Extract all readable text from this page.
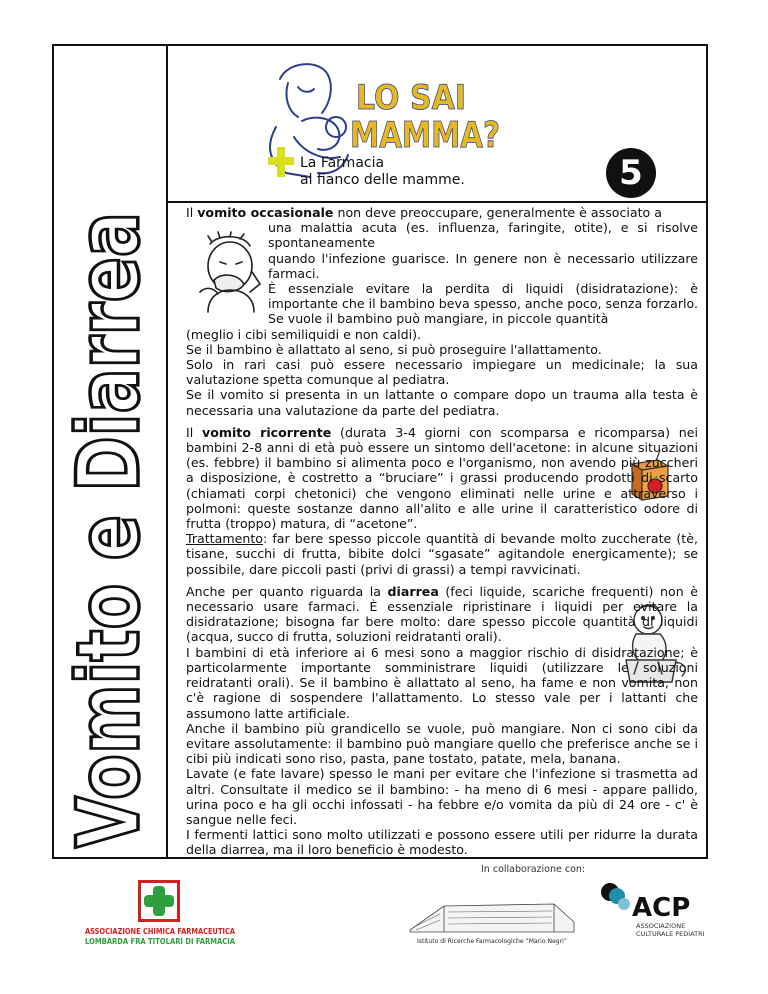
Vomito e Diarrea	LO SAI
MAMMA?
La Farmacia
al fianco delle mamme.	5

Il vomito occasionale non deve preoccupare, generalmente è associato a

una malattia acuta (es. influenza, faringite, otite), e si risolve spontaneamente

quando l'infezione guarisce. In genere non è necessario utilizzare farmaci.

È essenziale evitare la perdita di liquidi (disidratazione): è importante che il bambino beva spesso, anche poco, senza forzarlo. Se vuole il bambino può mangiare, in piccole quantità

(meglio i cibi semiliquidi e non caldi).

Se il bambino è allattato al seno, si può proseguire l'allattamento.

Solo in rari casi può essere necessario impiegare un medicinale; la sua valutazione spetta comunque al pediatra.

Se il vomito si presenta in un lattante o compare dopo un trauma alla testa è necessaria una valutazione da parte del pediatra.

Il vomito ricorrente (durata 3-4 giorni con scomparsa e ricomparsa) nei bambini 2-8 anni di età può essere un sintomo dell'acetone: in alcune situazioni (es. febbre) il bambino si alimenta poco e l'organismo, non avendo più zuccheri a disposizione, è costretto a “bruciare” i grassi producendo prodotti di scarto (chiamati corpi chetonici) che vengono eliminati nelle urine e attraverso i polmoni: queste sostanze danno all'alito e alle urine il caratteristico odore di frutta (troppo) matura, di “acetone”.

Trattamento: far bere spesso piccole quantità di bevande molto zuccherate (tè, tisane, succhi di frutta, bibite dolci “sgasate” agitandole energicamente); se possibile, dare piccoli pasti (privi di grassi) a tempi ravvicinati.

Anche per quanto riguarda la diarrea (feci liquide, scariche frequenti) non è necessario usare farmaci. È essenziale ripristinare i liquidi per evitare la disidratazione; bisogna far bere molto: dare spesso piccole quantità di liquidi (acqua, succo di frutta, soluzioni reidratanti orali).

I bambini di età inferiore ai 6 mesi sono a maggior rischio di disidratazione; è particolarmente importante somministrare liquidi (utilizzare le soluzioni reidratanti orali). Se il bambino è allattato al seno, ha fame e non vomita, non c'è ragione di sospendere l'allattamento. Lo stesso vale per i lattanti che assumono latte artificiale.

Anche il bambino più grandicello se vuole, può mangiare. Non ci sono cibi da evitare assolutamente: il bambino può mangiare quello che preferisce anche se i cibi più indicati sono riso, pasta, pane tostato, patate, mela, banana.

Lavate (e fate lavare) spesso le mani per evitare che l'infezione si trasmetta ad altri. Consultate il medico se il bambino: - ha meno di 6 mesi - appare pallido, urina poco e ha gli occhi infossati - ha febbre e/o vomita da più di 24 ore - c' è sangue nelle feci.

I fermenti lattici sono molto utilizzati e possono essere utili per ridurre la durata della diarrea, ma il loro beneficio è modesto.

In collaborazione con:
ASSOCIAZIONE CHIMICA FARMACEUTICA
LOMBARDA FRA TITOLARI DI FARMACIA	Istituto di Ricerche Farmacologiche “Mario Negri”
ACP
ASSOCIAZIONE
CULTURALE PEDIATRI
